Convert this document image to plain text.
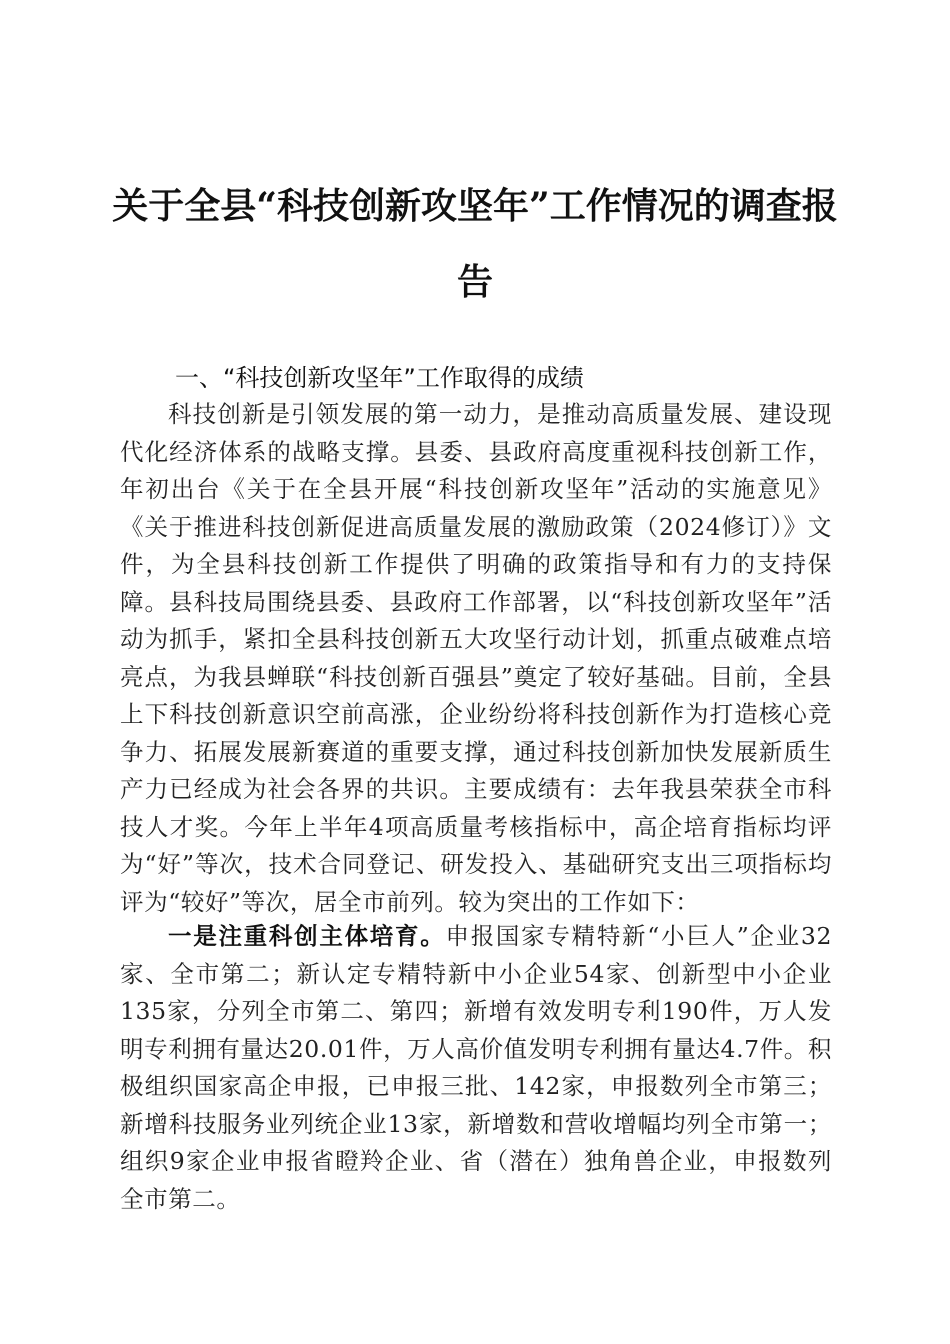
关于全县“科技创新攻坚年”工作情况的调查报告
一、“科技创新攻坚年”工作取得的成绩

科技创新是引领发展的第一动力，是推动高质量发展、建设现代化经济体系的战略支撑。县委、县政府高度重视科技创新工作，年初出台《关于在全县开展“科技创新攻坚年”活动的实施意见》《关于推进科技创新促进高质量发展的激励政策（2024修订）》文件，为全县科技创新工作提供了明确的政策指导和有力的支持保障。县科技局围绕县委、县政府工作部署，以“科技创新攻坚年”活动为抓手，紧扣全县科技创新五大攻坚行动计划，抓重点破难点培亮点，为我县蝉联“科技创新百强县”奠定了较好基础。目前，全县上下科技创新意识空前高涨，企业纷纷将科技创新作为打造核心竞争力、拓展发展新赛道的重要支撑，通过科技创新加快发展新质生产力已经成为社会各界的共识。主要成绩有：去年我县荣获全市科技人才奖。今年上半年4项高质量考核指标中，高企培育指标均评为“好”等次，技术合同登记、研发投入、基础研究支出三项指标均评为“较好”等次，居全市前列。较为突出的工作如下：

一是注重科创主体培育。申报国家专精特新“小巨人”企业32家、全市第二；新认定专精特新中小企业54家、创新型中小企业135家，分列全市第二、第四；新增有效发明专利190件，万人发明专利拥有量达20.01件，万人高价值发明专利拥有量达4.7件。积极组织国家高企申报，已申报三批、142家，申报数列全市第三；新增科技服务业列统企业13家，新增数和营收增幅均列全市第一；组织9家企业申报省瞪羚企业、省（潜在）独角兽企业，申报数列全市第二。
